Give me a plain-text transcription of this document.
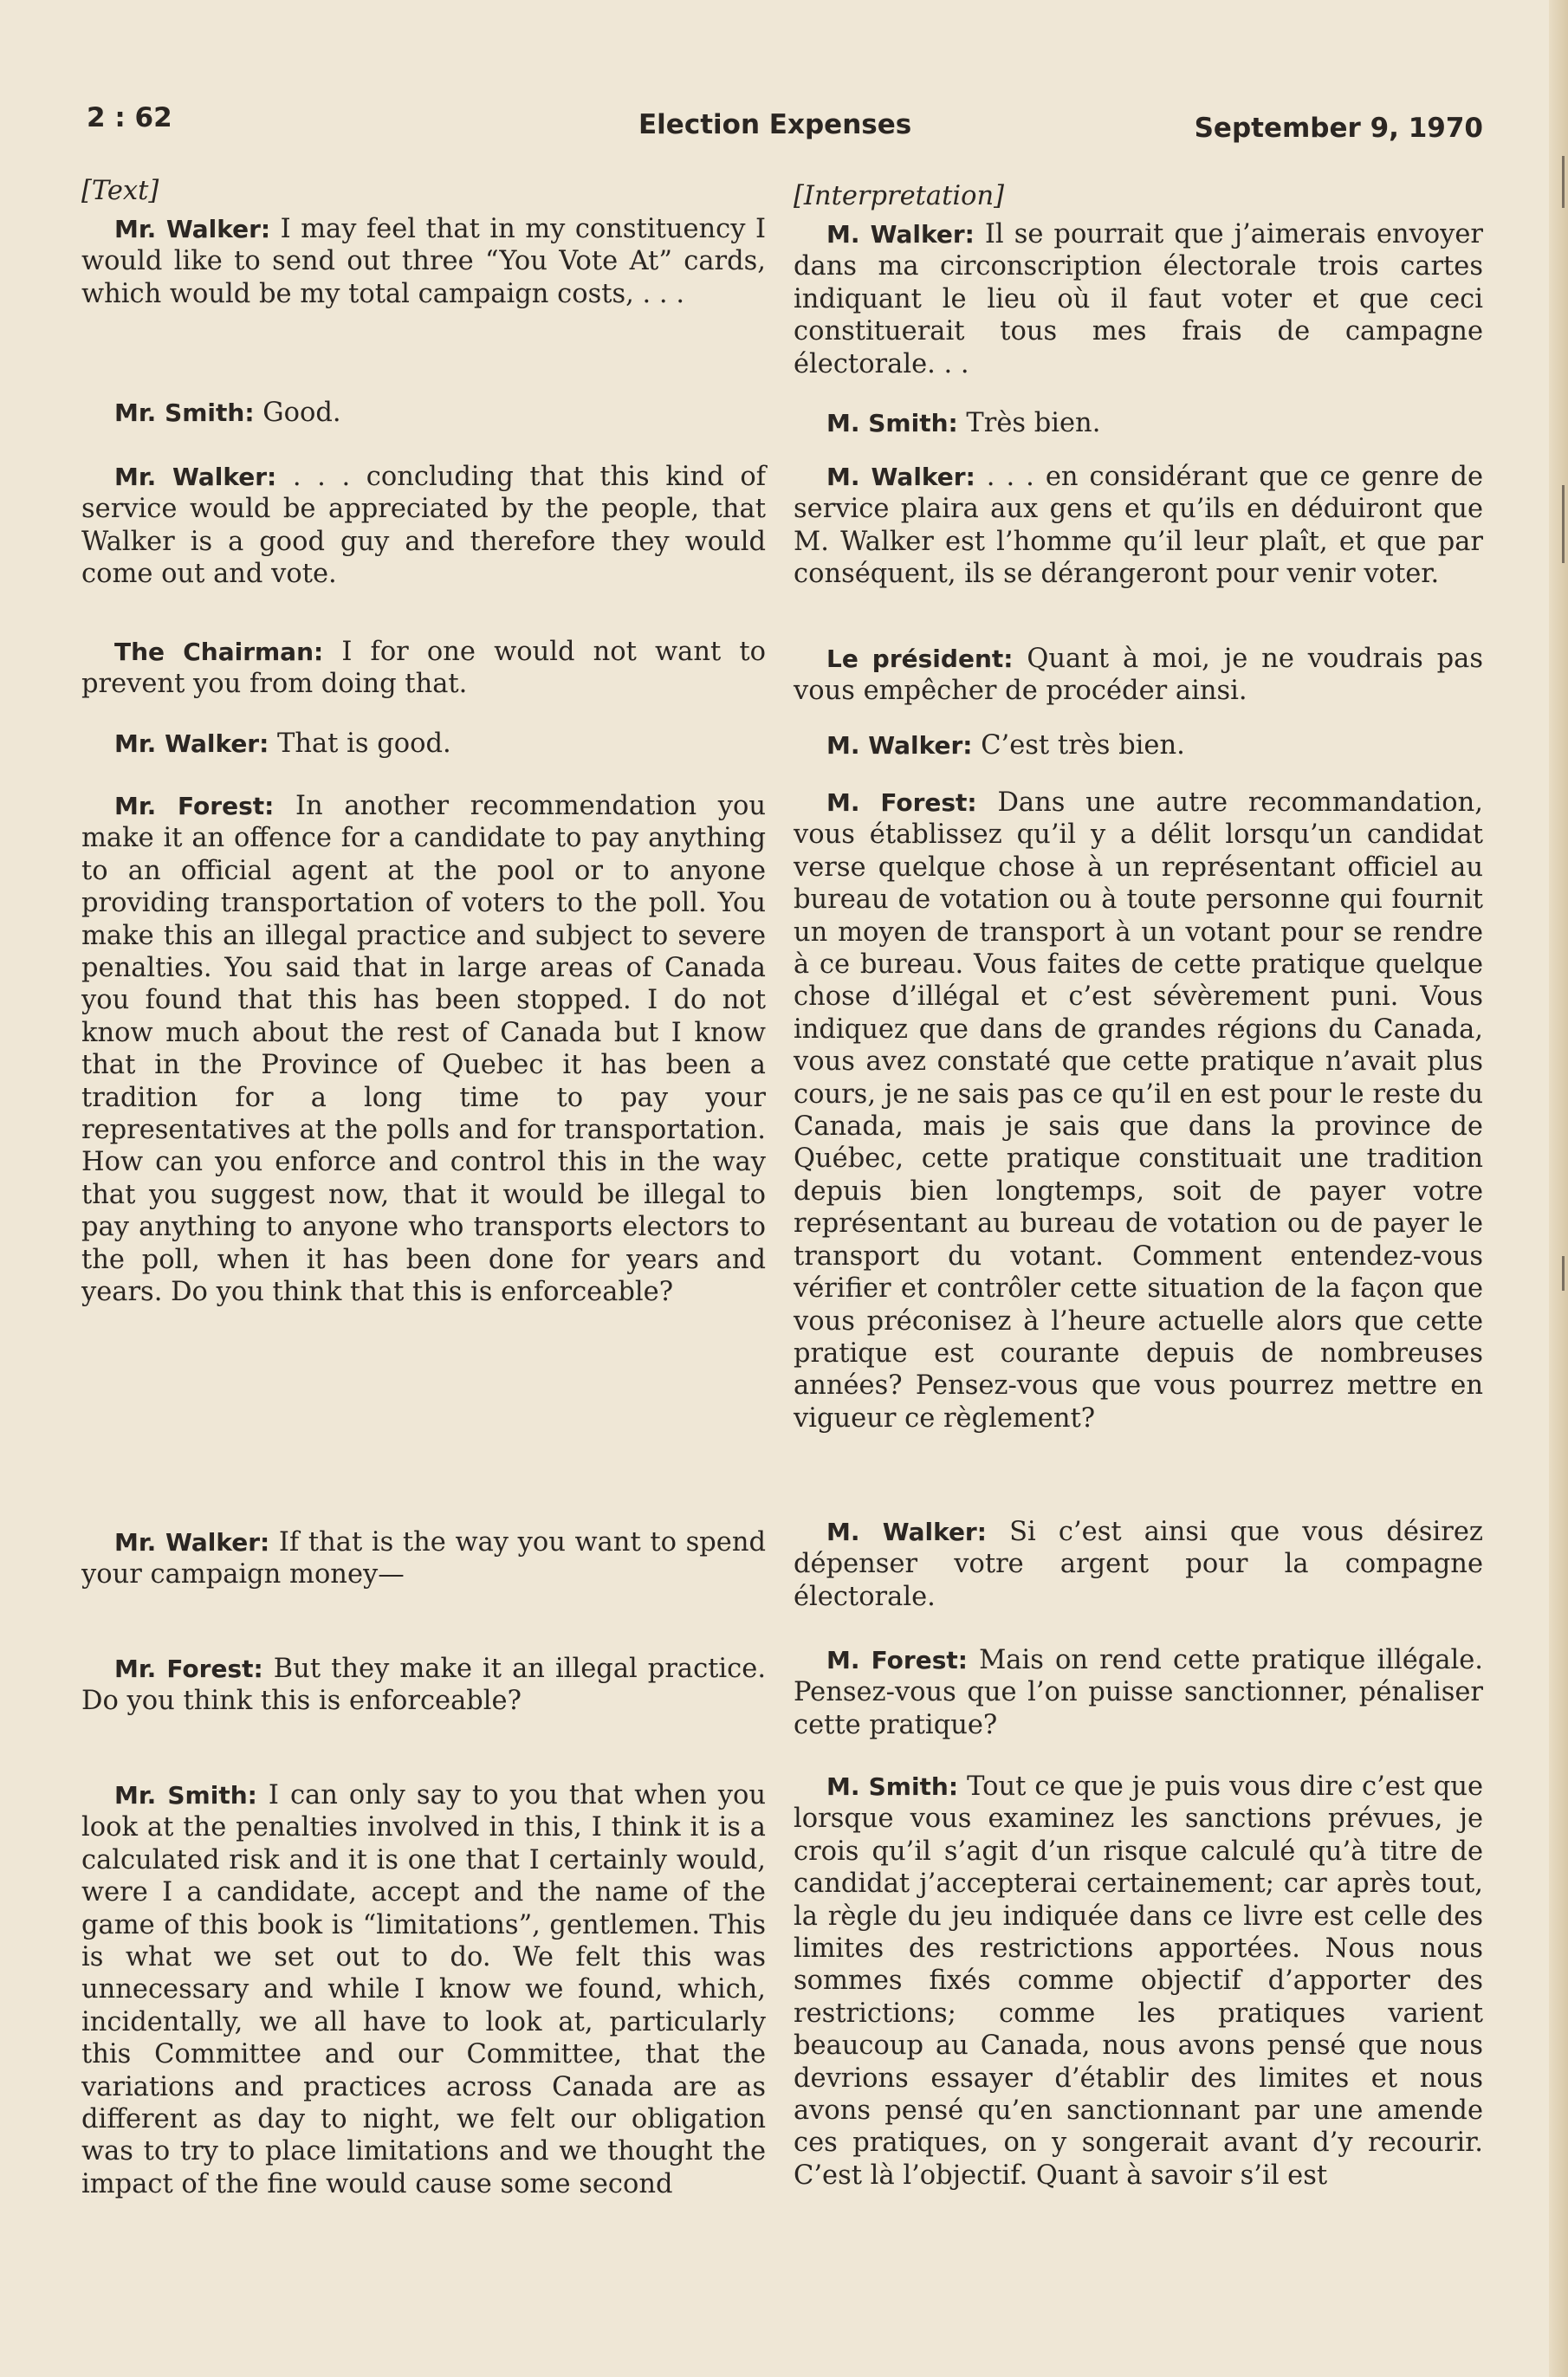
2 : 62	Election Expenses	September 9, 1970

[Text]

Mr. Walker: I may feel that in my constituency I would like to send out three “You Vote At” cards, which would be my total campaign costs, . . .

Mr. Smith: Good.

Mr. Walker: . . . concluding that this kind of service would be appreciated by the people, that Walker is a good guy and therefore they would come out and vote.

The Chairman: I for one would not want to prevent you from doing that.

Mr. Walker: That is good.

Mr. Forest: In another recommendation you make it an offence for a candidate to pay anything to an official agent at the pool or to anyone providing transportation of voters to the poll. You make this an illegal practice and subject to severe penalties. You said that in large areas of Canada you found that this has been stopped. I do not know much about the rest of Canada but I know that in the Province of Quebec it has been a tradition for a long time to pay your representatives at the polls and for transportation. How can you enforce and control this in the way that you suggest now, that it would be illegal to pay anything to anyone who transports electors to the poll, when it has been done for years and years. Do you think that this is enforceable?

Mr. Walker: If that is the way you want to spend your campaign money—

Mr. Forest: But they make it an illegal practice. Do you think this is enforceable?

Mr. Smith: I can only say to you that when you look at the penalties involved in this, I think it is a calculated risk and it is one that I certainly would, were I a candidate, accept and the name of the game of this book is “limitations”, gentlemen. This is what we set out to do. We felt this was unnecessary and while I know we found, which, incidentally, we all have to look at, particularly this Committee and our Committee, that the variations and practices across Canada are as different as day to night, we felt our obligation was to try to place limitations and we thought the impact of the fine would cause some second

[Interpretation]

M. Walker: Il se pourrait que j’aimerais envoyer dans ma circonscription électorale trois cartes indiquant le lieu où il faut voter et que ceci constituerait tous mes frais de campagne électorale. . .

M. Smith: Très bien.

M. Walker: . . . en considérant que ce genre de service plaira aux gens et qu’ils en déduiront que M. Walker est l’homme qu’il leur plaît, et que par conséquent, ils se dérangeront pour venir voter.

Le président: Quant à moi, je ne voudrais pas vous empêcher de procéder ainsi.

M. Walker: C’est très bien.

M. Forest: Dans une autre recommandation, vous établissez qu’il y a délit lorsqu’un candidat verse quelque chose à un représentant officiel au bureau de votation ou à toute personne qui fournit un moyen de transport à un votant pour se rendre à ce bureau. Vous faites de cette pratique quelque chose d’illégal et c’est sévèrement puni. Vous indiquez que dans de grandes régions du Canada, vous avez constaté que cette pratique n’avait plus cours, je ne sais pas ce qu’il en est pour le reste du Canada, mais je sais que dans la province de Québec, cette pratique constituait une tradition depuis bien longtemps, soit de payer votre représentant au bureau de votation ou de payer le transport du votant. Comment entendez-vous vérifier et contrôler cette situation de la façon que vous préconisez à l’heure actuelle alors que cette pratique est courante depuis de nombreuses années? Pensez-vous que vous pourrez mettre en vigueur ce règlement?

M. Walker: Si c’est ainsi que vous désirez dépenser votre argent pour la compagne électorale.

M. Forest: Mais on rend cette pratique illégale. Pensez-vous que l’on puisse sanctionner, pénaliser cette pratique?

M. Smith: Tout ce que je puis vous dire c’est que lorsque vous examinez les sanctions prévues, je crois qu’il s’agit d’un risque calculé qu’à titre de candidat j’accepterai certainement; car après tout, la règle du jeu indiquée dans ce livre est celle des limites des restrictions apportées. Nous nous sommes fixés comme objectif d’apporter des restrictions; comme les pratiques varient beaucoup au Canada, nous avons pensé que nous devrions essayer d’établir des limites et nous avons pensé qu’en sanctionnant par une amende ces pratiques, on y songerait avant d’y recourir. C’est là l’objectif. Quant à savoir s’il est
